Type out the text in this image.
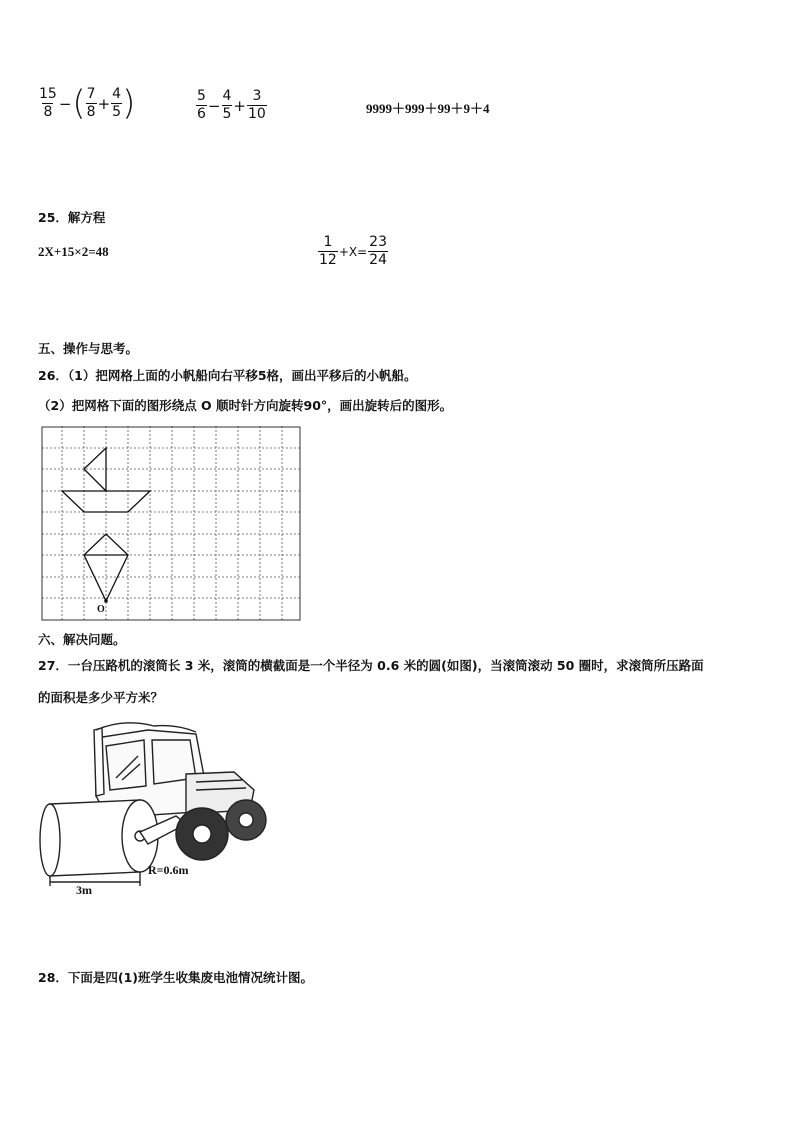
$\frac{15}{8}$ −( $\frac{7}{8} + \frac{4}{5}$ )	$\frac{5}{6} - \frac{4}{5} + \frac{3}{10}$	9999＋999＋99＋9＋4
25．解方程
2X+15×2=48	$\frac{1}{12} +X= \frac{23}{24}$
五、操作与思考。
26．（1）把网格上面的小帆船向右平移5格，画出平移后的小帆船。
（2）把网格下面的图形绕点 O 顺时针方向旋转90°，画出旋转后的图形。
O
六、解决问题。
27．一台压路机的滚筒长 3 米，滚筒的横截面是一个半径为 0.6 米的圆(如图)，当滚筒滚动 50 圈时，求滚筒所压路面
的面积是多少平方米？
R=0.6m
3m
28．下面是四(1)班学生收集废电池情况统计图。
